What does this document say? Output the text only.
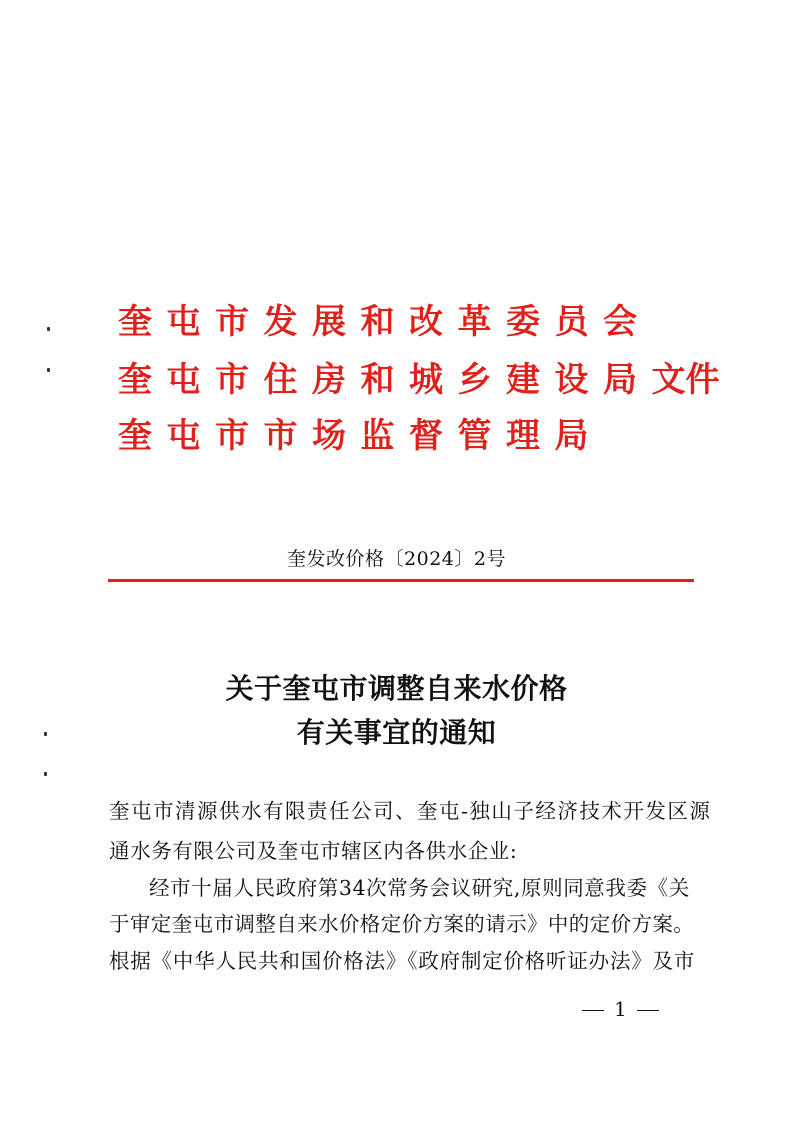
奎屯市发展和改革委员会
奎屯市住房和城乡建设局文件
奎屯市市场监督管理局
奎发改价格〔2024〕2号
关于奎屯市调整自来水价格
有关事宜的通知
奎屯市清源供水有限责任公司、奎屯-独山子经济技术开发区源
通水务有限公司及奎屯市辖区内各供水企业:
经市十届人民政府第34次常务会议研究,原则同意我委《关
于审定奎屯市调整自来水价格定价方案的请示》中的定价方案。
根据《中华人民共和国价格法》《政府制定价格听证办法》及市
1
